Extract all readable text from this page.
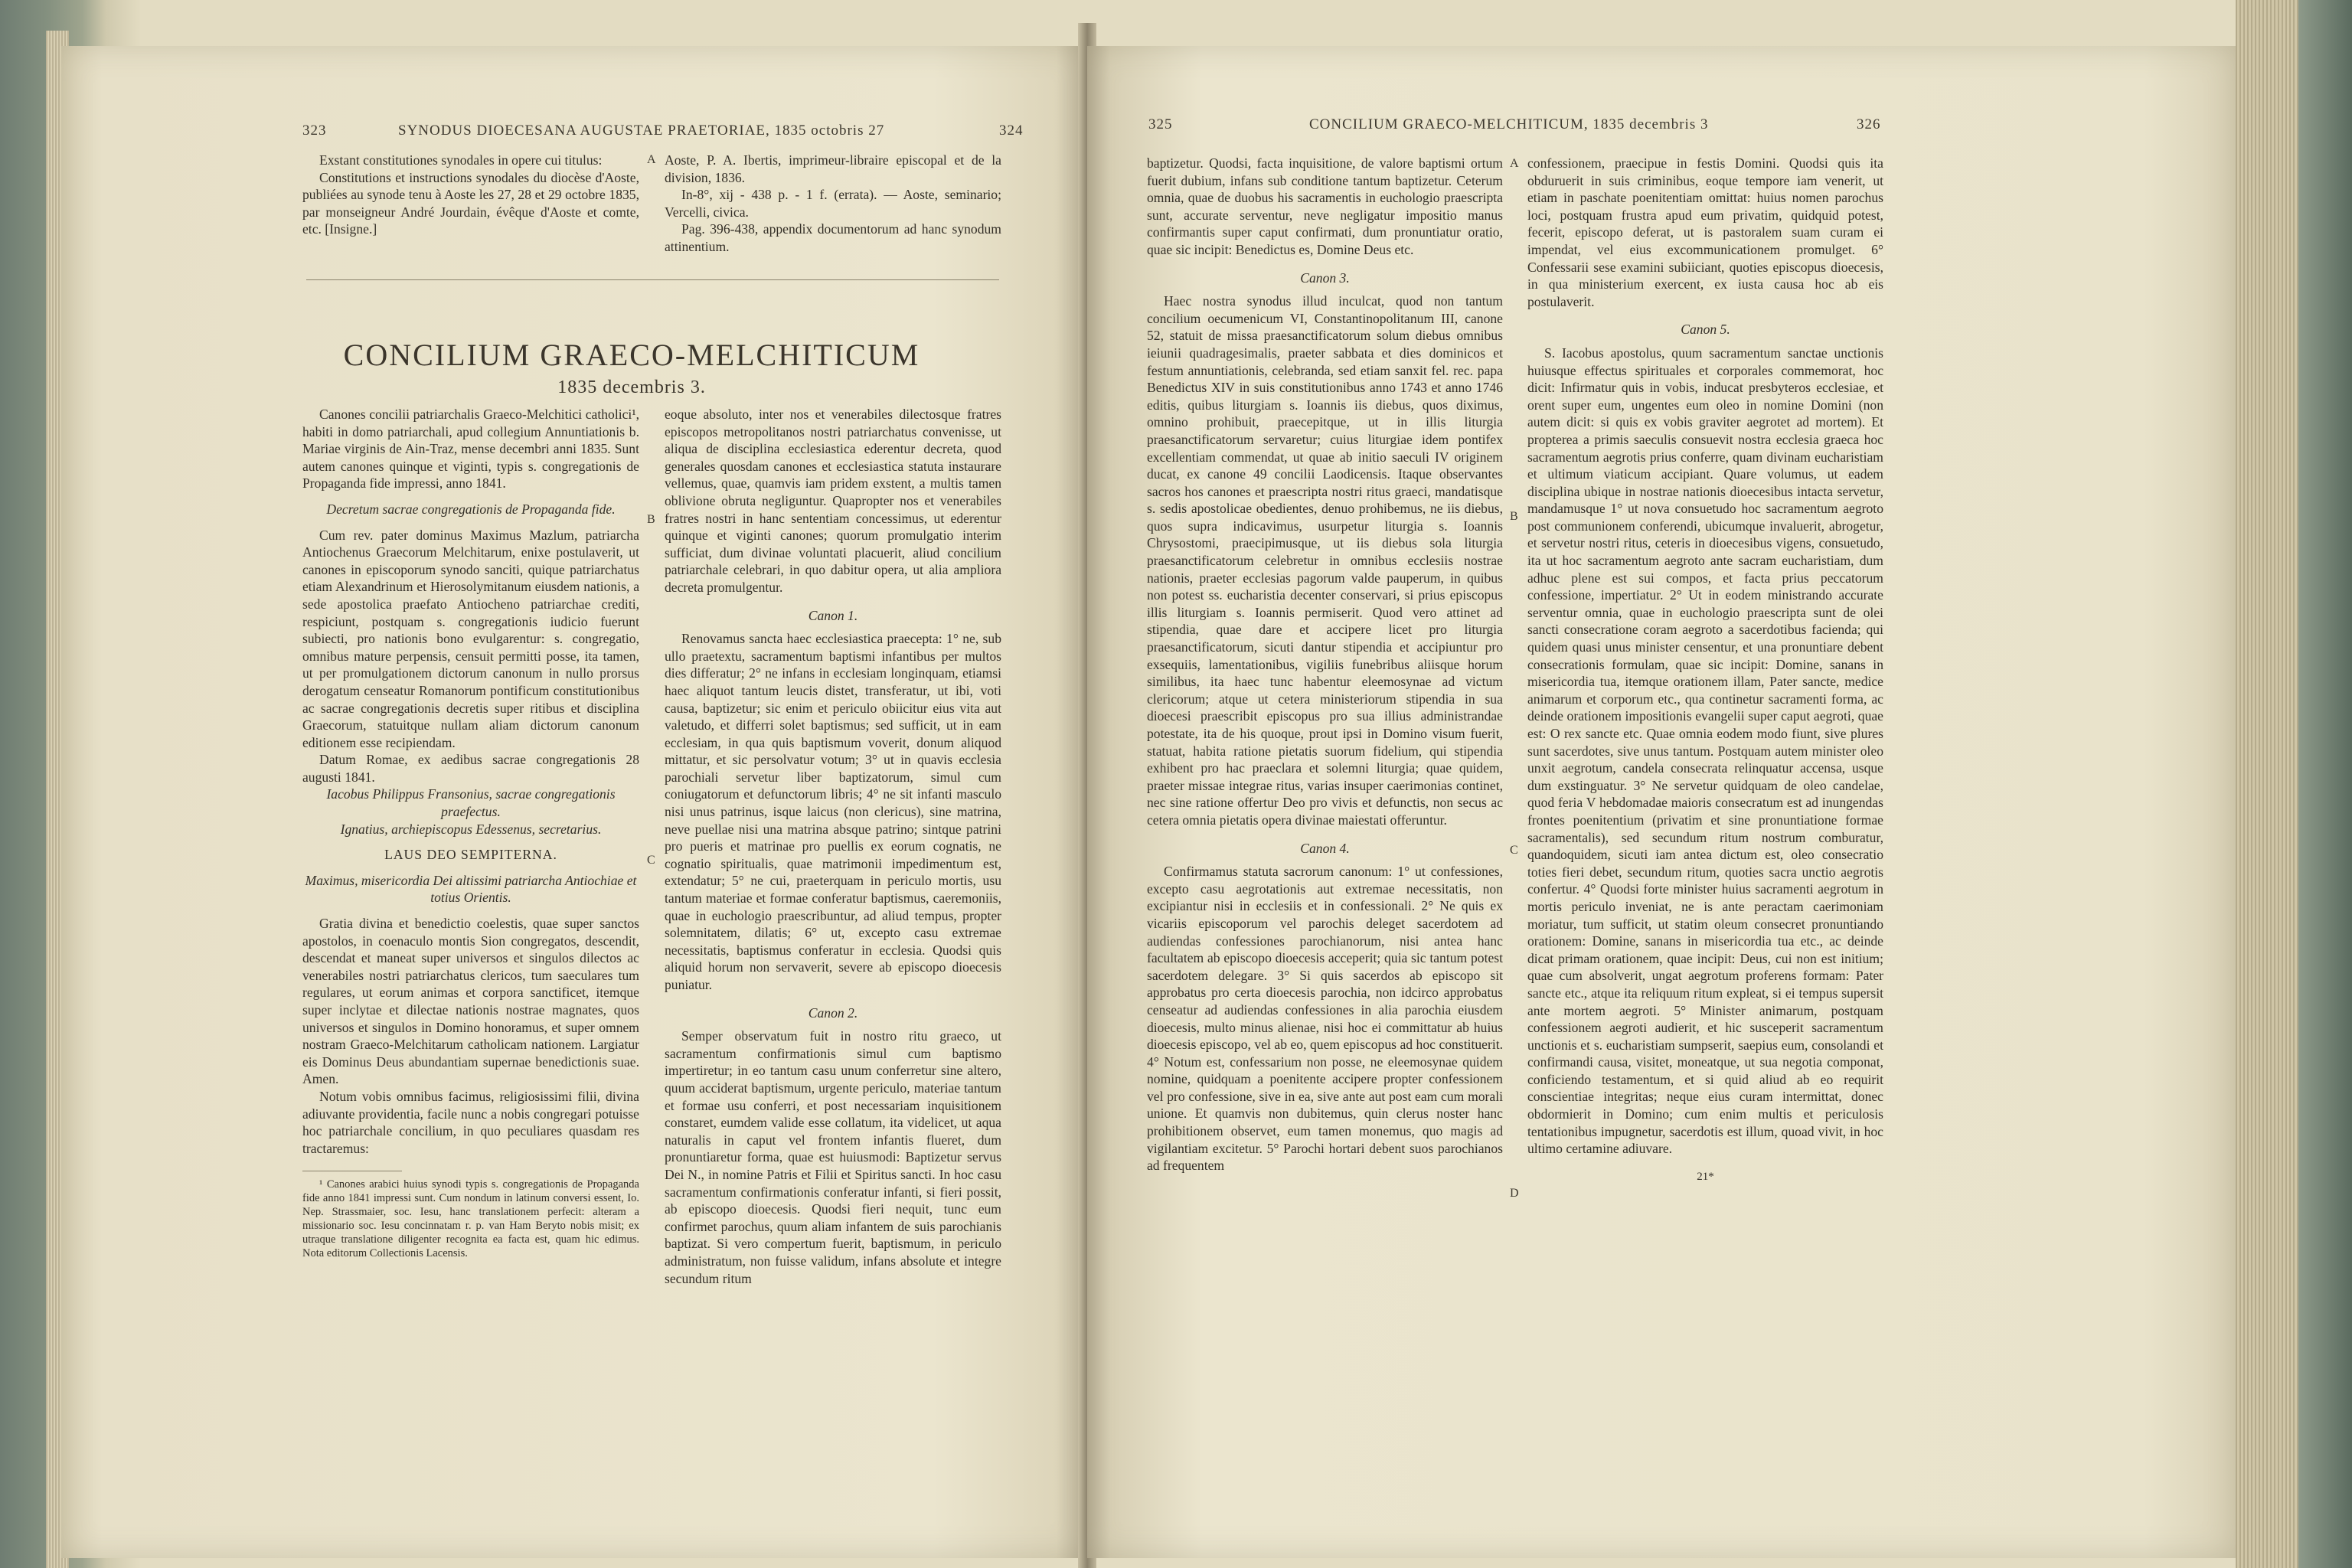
323	SYNODUS DIOECESANA AUGUSTAE PRAETORIAE, 1835 octobris 27	324

Exstant constitutiones synodales in opere cui titulus:

Constitutions et instructions synodales du diocèse d'Aoste, publiées au synode tenu à Aoste les 27, 28 et 29 octobre 1835, par monseigneur André Jourdain, évêque d'Aoste et comte, etc. [Insigne.]

A Aoste, P. A. Ibertis, imprimeur-libraire episcopal et de la division, 1836.

In-8°, xij - 438 p. - 1 f. (errata). — Aoste, seminario; Vercelli, civica.

Pag. 396-438, appendix documentorum ad hanc synodum attinentium.

CONCILIUM GRAECO-MELCHITICUM
1835 decembris 3.

Canones concilii patriarchalis Graeco-Melchitici catholici¹, habiti in domo patriarchali, apud collegium Annuntiationis b. Mariae virginis de Ain-Traz, mense decembri anni 1835. Sunt autem canones quinque et viginti, typis s. congregationis de Propaganda fide impressi, anno 1841.

Decretum sacrae congregationis de Propaganda fide.

Cum rev. pater dominus Maximus Mazlum, patriarcha Antiochenus Graecorum Melchitarum, enixe postulaverit, ut canones in episcoporum synodo sanciti, quique patriarchatus etiam Alexandrinum et Hierosolymitanum eiusdem nationis, a sede apostolica praefato Antiocheno patriarchae crediti, respiciunt, postquam s. congregationis iudicio fuerunt subiecti, pro nationis bono evulgarentur: s. congregatio, omnibus mature perpensis, censuit permitti posse, ita tamen, ut per promulgationem dictorum canonum in nullo prorsus derogatum censeatur Romanorum pontificum constitutionibus ac sacrae congregationis decretis super ritibus et disciplina Graecorum, statuitque nullam aliam dictorum canonum editionem esse recipiendam.

Datum Romae, ex aedibus sacrae congregationis 28 augusti 1841.

Iacobus Philippus Fransonius, sacrae congregationis praefectus.

Ignatius, archiepiscopus Edessenus, secretarius.

LAUS DEO SEMPITERNA.

Maximus, misericordia Dei altissimi patriarcha Antiochiae et totius Orientis.

Gratia divina et benedictio coelestis, quae super sanctos apostolos, in coenaculo montis Sion congregatos, descendit, descendat et maneat super universos et singulos dilectos ac venerabiles nostri patriarchatus clericos, tum saeculares tum regulares, ut eorum animas et corpora sanctificet, itemque super inclytae et dilectae nationis nostrae magnates, quos universos et singulos in Domino honoramus, et super omnem nostram Graeco-Melchitarum catholicam nationem. Largiatur eis Dominus Deus abundantiam supernae benedictionis suae. Amen.

Notum vobis omnibus facimus, religiosissimi filii, divina adiuvante providentia, facile nunc a nobis congregari potuisse hoc patriarchale concilium, in quo peculiares quasdam res tractaremus:

¹ Canones arabici huius synodi typis s. congregationis de Propaganda fide anno 1841 impressi sunt. Cum nondum in latinum conversi essent, Io. Nep. Strassmaier, soc. Iesu, hanc translationem perfecit: alteram a missionario soc. Iesu concinnatam r. p. van Ham Beryto nobis misit; ex utraque translatione diligenter recognita ea facta est, quam hic edimus. Nota editorum Collectionis Lacensis.

B
C

eoque absoluto, inter nos et venerabiles dilectosque fratres episcopos metropolitanos nostri patriarchatus convenisse, ut aliqua de disciplina ecclesiastica ederentur decreta, quod generales quosdam canones et ecclesiastica statuta instaurare vellemus, quae, quamvis iam pridem exstent, a multis tamen oblivione obruta negliguntur. Quapropter nos et venerabiles fratres nostri in hanc sententiam concessimus, ut ederentur quinque et viginti canones; quorum promulgatio interim sufficiat, dum divinae voluntati placuerit, aliud concilium patriarchale celebrari, in quo dabitur opera, ut alia ampliora decreta promulgentur.

Canon 1.

Renovamus sancta haec ecclesiastica praecepta: 1° ne, sub ullo praetextu, sacramentum baptismi infantibus per multos dies differatur; 2° ne infans in ecclesiam longinquam, etiamsi haec aliquot tantum leucis distet, transferatur, ut ibi, voti causa, baptizetur; sic enim et periculo obiicitur eius vita aut valetudo, et differri solet baptismus; sed sufficit, ut in eam ecclesiam, in qua quis baptismum voverit, donum aliquod mittatur, et sic persolvatur votum; 3° ut in quavis ecclesia parochiali servetur liber baptizatorum, simul cum coniugatorum et defunctorum libris; 4° ne sit infanti masculo nisi unus patrinus, isque laicus (non clericus), sine matrina, neve puellae nisi una matrina absque patrino; sintque patrini pro pueris et matrinae pro puellis ex eorum cognatis, ne cognatio spiritualis, quae matrimonii impedimentum est, extendatur; 5° ne cui, praeterquam in periculo mortis, usu tantum materiae et formae conferatur baptismus, caeremoniis, quae in euchologio praescribuntur, ad aliud tempus, propter solemnitatem, dilatis; 6° ut, excepto casu extremae necessitatis, baptismus conferatur in ecclesia. Quodsi quis aliquid horum non servaverit, severe ab episcopo dioecesis puniatur.

Canon 2.

Semper observatum fuit in nostro ritu graeco, ut sacramentum confirmationis simul cum baptismo impertiretur; in eo tantum casu unum conferretur sine altero, quum acciderat baptismum, urgente periculo, materiae tantum et formae usu conferri, et post necessariam inquisitionem constaret, eumdem valide esse collatum, ita videlicet, ut aqua naturalis in caput vel frontem infantis flueret, dum pronuntiaretur forma, quae est huiusmodi: Baptizetur servus Dei N., in nomine Patris et Filii et Spiritus sancti. In hoc casu sacramentum confirmationis conferatur infanti, si fieri possit, ab episcopo dioecesis. Quodsi fieri nequit, tunc eum confirmet parochus, quum aliam infantem de suis parochianis baptizat. Si vero compertum fuerit, baptismum, in periculo administratum, non fuisse validum, infans absolute et integre secundum ritum

325	CONCILIUM GRAECO-MELCHITICUM, 1835 decembris 3	326

baptizetur. Quodsi, facta inquisitione, de valore baptismi ortum fuerit dubium, infans sub conditione tantum baptizetur. Ceterum omnia, quae de duobus his sacramentis in euchologio praescripta sunt, accurate serventur, neve negligatur impositio manus confirmantis super caput confirmati, dum pronuntiatur oratio, quae sic incipit: Benedictus es, Domine Deus etc.

Canon 3.

Haec nostra synodus illud inculcat, quod non tantum concilium oecumenicum VI, Constantinopolitanum III, canone 52, statuit de missa praesanctificatorum solum diebus omnibus ieiunii quadragesimalis, praeter sabbata et dies dominicos et festum annuntiationis, celebranda, sed etiam sanxit fel. rec. papa Benedictus XIV in suis constitutionibus anno 1743 et anno 1746 editis, quibus liturgiam s. Ioannis iis diebus, quos diximus, omnino prohibuit, praecepitque, ut in illis liturgia praesanctificatorum servaretur; cuius liturgiae idem pontifex excellentiam commendat, ut quae ab initio saeculi IV originem ducat, ex canone 49 concilii Laodicensis. Itaque observantes sacros hos canones et praescripta nostri ritus graeci, mandatisque s. sedis apostolicae obedientes, denuo prohibemus, ne iis diebus, quos supra indicavimus, usurpetur liturgia s. Ioannis Chrysostomi, praecipimusque, ut iis diebus sola liturgia praesanctificatorum celebretur in omnibus ecclesiis nostrae nationis, praeter ecclesias pagorum valde pauperum, in quibus non potest ss. eucharistia decenter conservari, si prius episcopus illis liturgiam s. Ioannis permiserit. Quod vero attinet ad stipendia, quae dare et accipere licet pro liturgia praesanctificatorum, sicuti dantur stipendia et accipiuntur pro exsequiis, lamentationibus, vigiliis funebribus aliisque horum similibus, ita haec tunc habentur eleemosynae ad victum clericorum; atque ut cetera ministeriorum stipendia in sua dioecesi praescribit episcopus pro sua illius administrandae potestate, ita de his quoque, prout ipsi in Domino visum fuerit, statuat, habita ratione pietatis suorum fidelium, qui stipendia exhibent pro hac praeclara et solemni liturgia; quae quidem, praeter missae integrae ritus, varias insuper caerimonias continet, nec sine ratione offertur Deo pro vivis et defunctis, non secus ac cetera omnia pietatis opera divinae maiestati offeruntur.

Canon 4.

Confirmamus statuta sacrorum canonum: 1° ut confessiones, excepto casu aegrotationis aut extremae necessitatis, non excipiantur nisi in ecclesiis et in confessionali. 2° Ne quis ex vicariis episcoporum vel parochis deleget sacerdotem ad audiendas confessiones parochianorum, nisi antea hanc facultatem ab episcopo dioecesis acceperit; quia sic tantum potest sacerdotem delegare. 3° Si quis sacerdos ab episcopo sit approbatus pro certa dioecesis parochia, non idcirco approbatus censeatur ad audiendas confessiones in alia parochia eiusdem dioecesis, multo minus alienae, nisi hoc ei committatur ab huius dioecesis episcopo, vel ab eo, quem episcopus ad hoc constituerit. 4° Notum est, confessarium non posse, ne eleemosynae quidem nomine, quidquam a poenitente accipere propter confessionem vel pro confessione, sive in ea, sive ante aut post eam cum morali unione. Et quamvis non dubitemus, quin clerus noster hanc prohibitionem observet, eum tamen monemus, quo magis ad vigilantiam excitetur. 5° Parochi hortari debent suos parochianos ad frequentem

A
B
C
D

confessionem, praecipue in festis Domini. Quodsi quis ita obduruerit in suis criminibus, eoque tempore iam venerit, ut etiam in paschate poenitentiam omittat: huius nomen parochus loci, postquam frustra apud eum privatim, quidquid potest, fecerit, episcopo deferat, ut is pastoralem suam curam ei impendat, vel eius excommunicationem promulget. 6° Confessarii sese examini subiiciant, quoties episcopus dioecesis, in qua ministerium exercent, ex iusta causa hoc ab eis postulaverit.

Canon 5.

S. Iacobus apostolus, quum sacramentum sanctae unctionis huiusque effectus spirituales et corporales commemorat, hoc dicit: Infirmatur quis in vobis, inducat presbyteros ecclesiae, et orent super eum, ungentes eum oleo in nomine Domini (non autem dicit: si quis ex vobis graviter aegrotet ad mortem). Et propterea a primis saeculis consuevit nostra ecclesia graeca hoc sacramentum aegrotis prius conferre, quam divinam eucharistiam et ultimum viaticum accipiant. Quare volumus, ut eadem disciplina ubique in nostrae nationis dioecesibus intacta servetur, mandamusque 1° ut nova consuetudo hoc sacramentum aegroto post communionem conferendi, ubicumque invaluerit, abrogetur, et servetur nostri ritus, ceteris in dioecesibus vigens, consuetudo, ita ut hoc sacramentum aegroto ante sacram eucharistiam, dum adhuc plene est sui compos, et facta prius peccatorum confessione, impertiatur. 2° Ut in eodem ministrando accurate serventur omnia, quae in euchologio praescripta sunt de olei sancti consecratione coram aegroto a sacerdotibus facienda; qui quidem quasi unus minister censentur, et una pronuntiare debent consecrationis formulam, quae sic incipit: Domine, sanans in misericordia tua, itemque orationem illam, Pater sancte, medice animarum et corporum etc., qua continetur sacramenti forma, ac deinde orationem impositionis evangelii super caput aegroti, quae est: O rex sancte etc. Quae omnia eodem modo fiunt, sive plures sunt sacerdotes, sive unus tantum. Postquam autem minister oleo unxit aegrotum, candela consecrata relinquatur accensa, usque dum exstinguatur. 3° Ne servetur quidquam de oleo candelae, quod feria V hebdomadae maioris consecratum est ad inungendas frontes poenitentium (privatim et sine pronuntiatione formae sacramentalis), sed secundum ritum nostrum comburatur, quandoquidem, sicuti iam antea dictum est, oleo consecratio toties fieri debet, secundum ritum, quoties sacra unctio aegrotis confertur. 4° Quodsi forte minister huius sacramenti aegrotum in mortis periculo inveniat, ne is ante peractam caerimoniam moriatur, tum sufficit, ut statim oleum consecret pronuntiando orationem: Domine, sanans in misericordia tua etc., ac deinde dicat primam orationem, quae incipit: Deus, cui non est initium; quae cum absolverit, ungat aegrotum proferens formam: Pater sancte etc., atque ita reliquum ritum expleat, si ei tempus supersit ante mortem aegroti. 5° Minister animarum, postquam confessionem aegroti audierit, et hic susceperit sacramentum unctionis et s. eucharistiam sumpserit, saepius eum, consolandi et confirmandi causa, visitet, moneatque, ut sua negotia componat, conficiendo testamentum, et si quid aliud ab eo requirit conscientiae integritas; neque eius curam intermittat, donec obdormierit in Domino; cum enim multis et periculosis tentationibus impugnetur, sacerdotis est illum, quoad vivit, in hoc ultimo certamine adiuvare.

21*
